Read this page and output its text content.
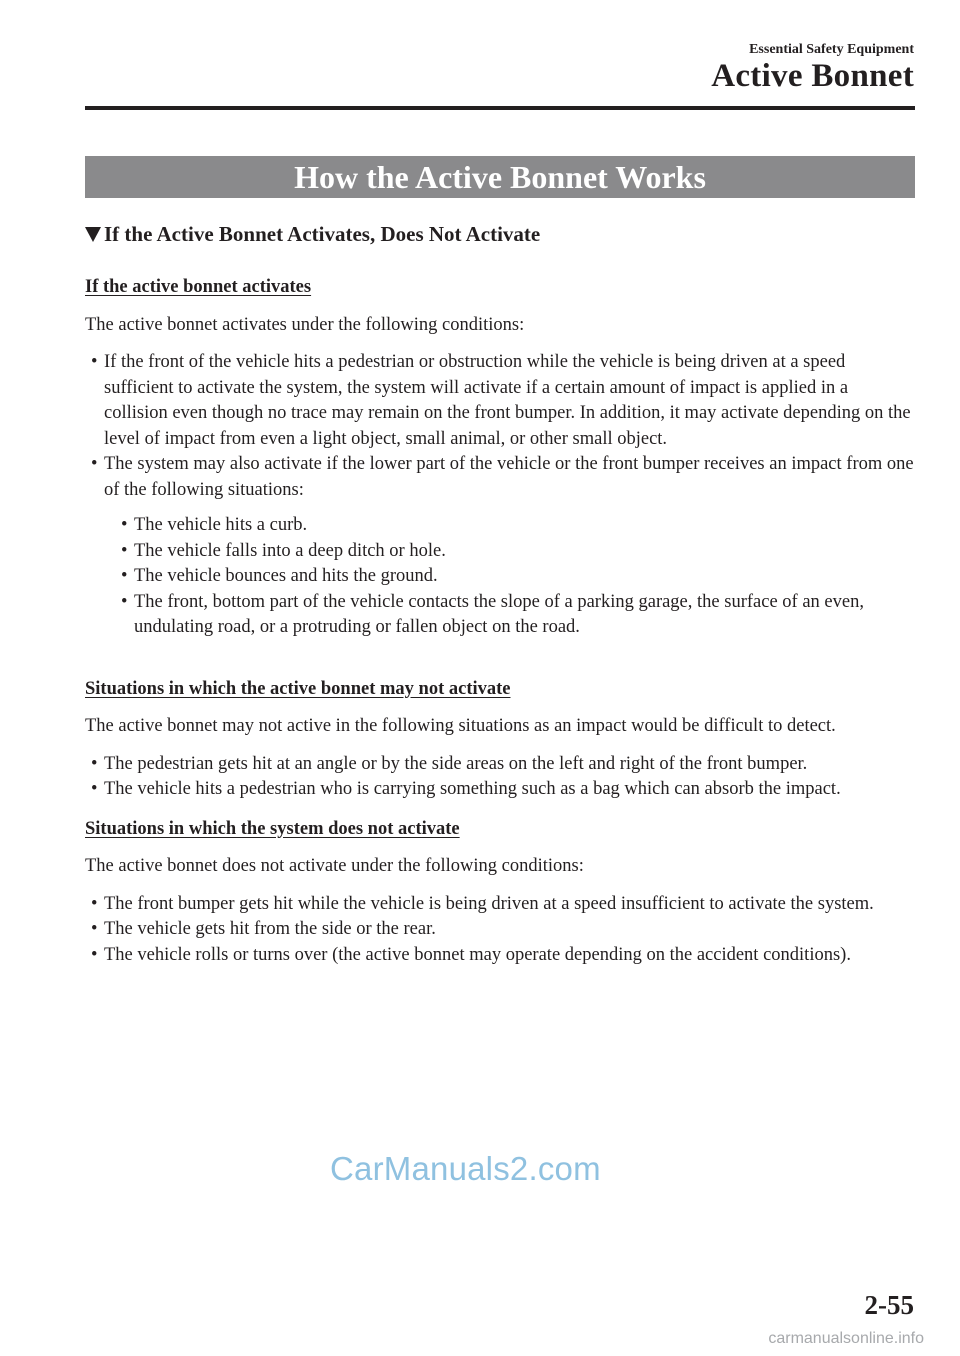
Essential Safety Equipment
Active Bonnet
How the Active Bonnet Works
If the Active Bonnet Activates, Does Not Activate
If the active bonnet activates
The active bonnet activates under the following conditions:
• If the front of the vehicle hits a pedestrian or obstruction while the vehicle is being driven at a speed sufficient to activate the system, the system will activate if a certain amount of impact is applied in a collision even though no trace may remain on the front bumper. In addition, it may activate depending on the level of impact from even a light object, small animal, or other small object.
• The system may also activate if the lower part of the vehicle or the front bumper receives an impact from one of the following situations:
• The vehicle hits a curb.
• The vehicle falls into a deep ditch or hole.
• The vehicle bounces and hits the ground.
• The front, bottom part of the vehicle contacts the slope of a parking garage, the surface of an even, undulating road, or a protruding or fallen object on the road.
Situations in which the active bonnet may not activate
The active bonnet may not active in the following situations as an impact would be difficult to detect.
• The pedestrian gets hit at an angle or by the side areas on the left and right of the front bumper.
• The vehicle hits a pedestrian who is carrying something such as a bag which can absorb the impact.
Situations in which the system does not activate
The active bonnet does not activate under the following conditions:
• The front bumper gets hit while the vehicle is being driven at a speed insufficient to activate the system.
• The vehicle gets hit from the side or the rear.
• The vehicle rolls or turns over (the active bonnet may operate depending on the accident conditions).
CarManuals2.com
2-55
carmanualsonline.info
